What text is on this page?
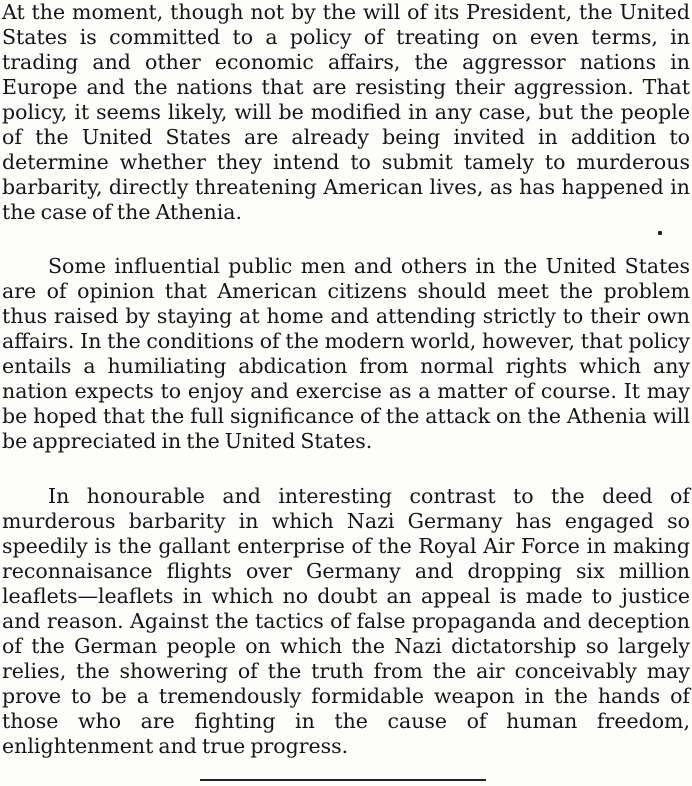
At the moment, though not by the will of its President, the United States is committed to a policy of treating on even terms, in trading and other economic affairs, the aggressor nations in Europe and the nations that are resisting their aggression. That policy, it seems likely, will be modified in any case, but the people of the United States are already being invited in addition to determine whether they intend to submit tamely to murderous barbarity, directly threatening American lives, as has happened in the case of the Athenia.

Some influential public men and others in the United States are of opinion that American citizens should meet the problem thus raised by staying at home and attending strictly to their own affairs. In the conditions of the modern world, however, that policy entails a humiliating abdication from normal rights which any nation expects to enjoy and exercise as a matter of course. It may be hoped that the full significance of the attack on the Athenia will be appreciated in the United States.

In honourable and interesting contrast to the deed of murderous barbarity in which Nazi Germany has engaged so speedily is the gallant enterprise of the Royal Air Force in making reconnaisance flights over Germany and dropping six million leaflets—leaflets in which no doubt an appeal is made to justice and reason. Against the tactics of false propaganda and deception of the German people on which the Nazi dictatorship so largely relies, the showering of the truth from the air conceivably may prove to be a tremendously formidable weapon in the hands of those who are fighting in the cause of human freedom, enlightenment and true progress.
